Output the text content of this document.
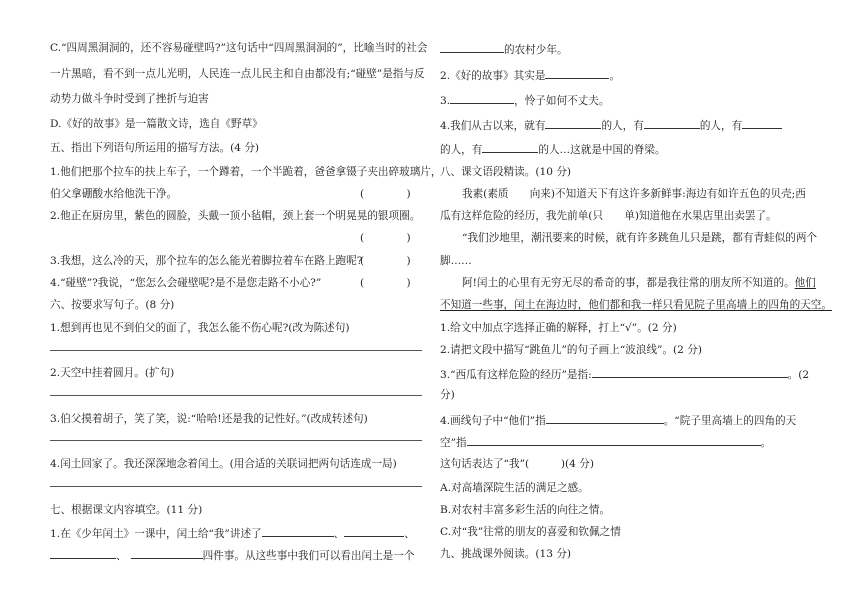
C.“四周黑洞洞的，还不容易碰壁吗?”这句话中“四周黑洞洞的”，比喻当时的社会
一片黑暗，看不到一点儿光明，人民连一点儿民主和自由都没有;“碰壁”是指与反
动势力做斗争时受到了挫折与迫害
D.《好的故事》是一篇散文诗，选自《野草》
五、指出下列语句所运用的描写方法。(4 分)
1.他们把那个拉车的扶上车子，一个蹲着，一个半跪着，爸爸拿镊子夹出碎玻璃片，
伯父拿硼酸水给他洗干净。	(　　　　)
2.他正在厨房里，紫色的圆脸，头戴一顶小毡帽，颈上套一个明晃晃的银项圈。
(　　　　)
3.我想，这么冷的天，那个拉车的怎么能光着脚拉着车在路上跑呢?
(　　　　)
4.“碰壁”?我说，“您怎么会碰壁呢?是不是您走路不小心?”	(　　　　)
六、按要求写句子。(8 分)
1.想到再也见不到伯父的面了，我怎么能不伤心呢?(改为陈述句)
2.天空中挂着圆月。(扩句)
3.伯父摸着胡子，笑了笑，说:“哈哈!还是我的记性好。”(改成转述句)
4.闰土回家了。我还深深地念着闰土。(用合适的关联词把两句话连成一局)
七、根据课文内容填空。(11 分)
1.在《少年闰土》一课中，闰土给“我”讲述了	、	、
、	四件事。从这些事中我们可以看出闰土是一个
的农村少年。
2.《好的故事》其实是	。
3.	，怜子如何不丈夫。
4.我们从古以来，就有	的人，有	的人，有
的人，有	的人…这就是中国的脊梁。
八、课文语段精读。(10 分)
我素(素质　　向来)不知道天下有这许多新鲜事:海边有如许五色的贝壳;西
瓜有这样危险的经历，我先前单(只　　单)知道他在水果店里出卖罢了。
“我们沙地里，潮汛要来的时候，就有许多跳鱼儿只是跳，都有青蛙似的两个
脚……
阿!闰土的心里有无穷无尽的希奇的事，都是我往常的朋友所不知道的。他们
不知道一些事，闰土在海边时，他们都和我一样只看见院子里高墙上的四角的天空。
1.给文中加点字选择正确的解释，打上“√”。(2 分)
2.请把文段中描写“跳鱼儿”的句子画上“波浪线”。(2 分)
3.“西瓜有这样危险的经历”是指:	。(2
分)
4.画线句子中“他们”指	。“院子里高墙上的四角的天
空”指	。
这句话表达了“我”(　　　)(4 分)
A.对高墙深院生活的满足之感。
B.对农村丰富多彩生活的向往之情。
C.对“我”往常的朋友的喜爱和钦佩之情
九、挑战课外阅读。(13 分)
